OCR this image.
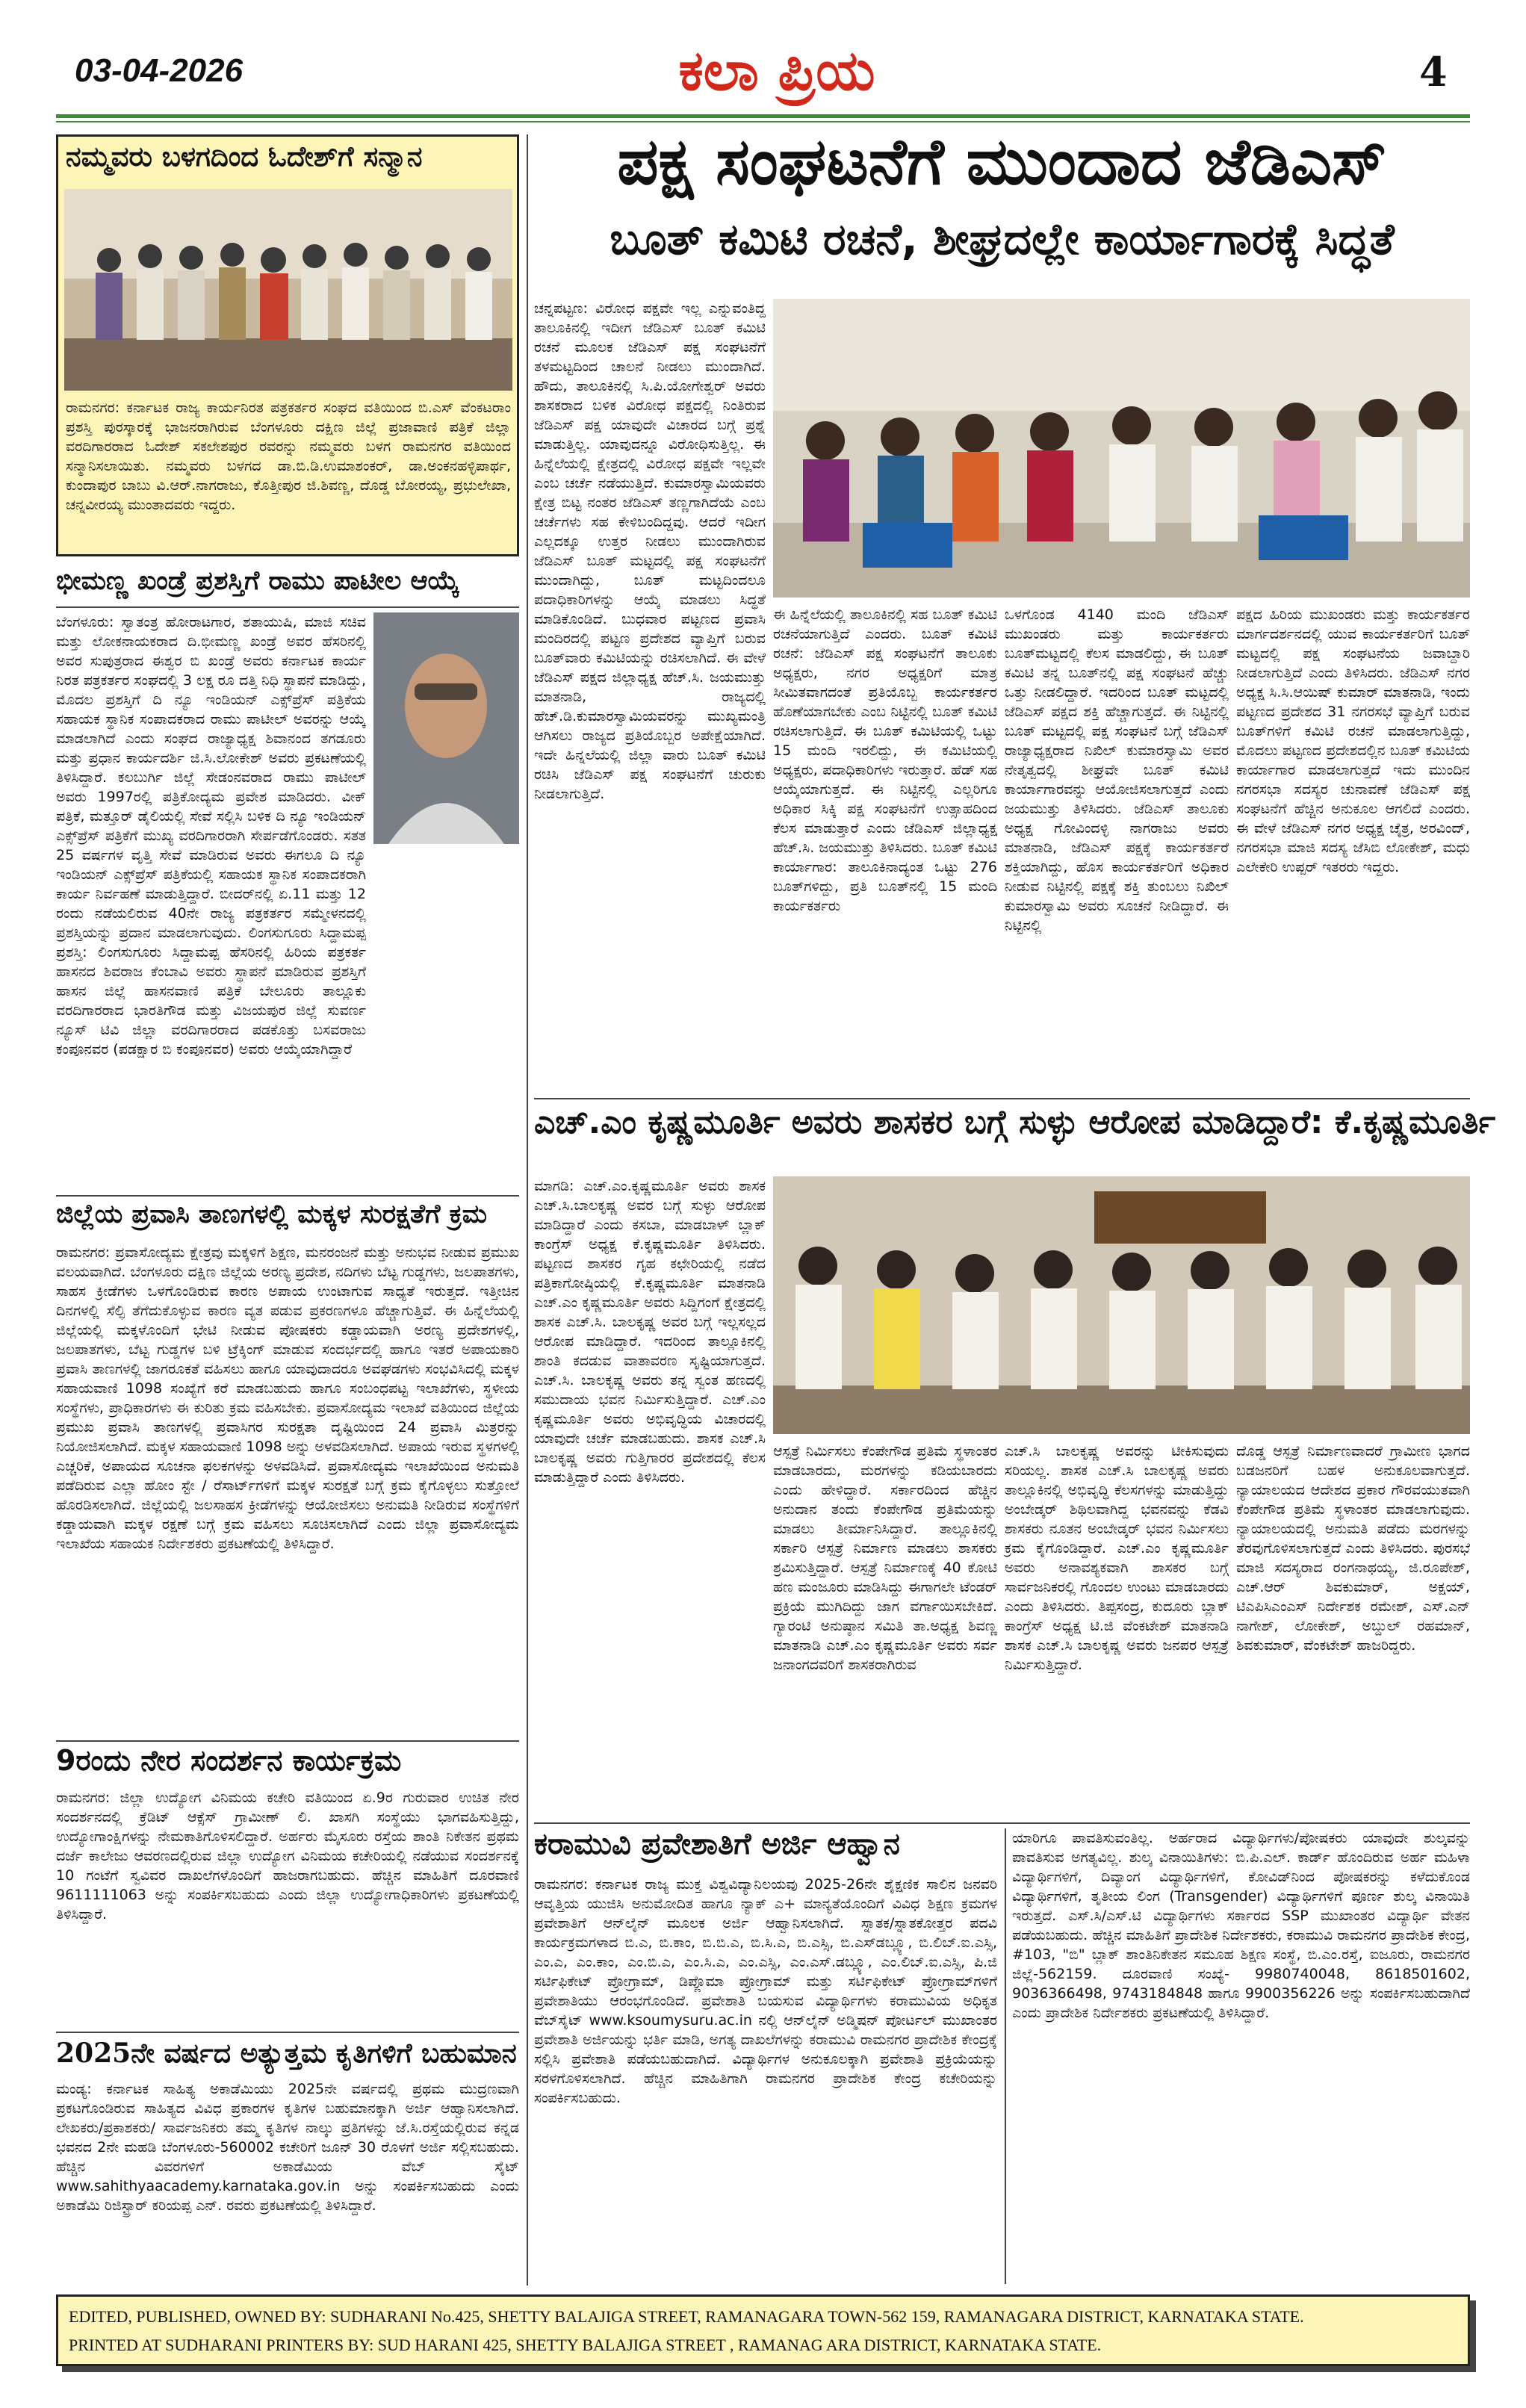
03-04-2026	ಕಲಾ ಪ್ರಿಯ	4
ನಮ್ಮವರು ಬಳಗದಿಂದ ಓದೇಶ್‌ಗೆ ಸನ್ಮಾನ
ರಾಮನಗರ: ಕರ್ನಾಟಕ ರಾಜ್ಯ ಕಾರ್ಯನಿರತ ಪತ್ರಕರ್ತರ ಸಂಘದ ವತಿಯಿಂದ ಬಿ.ಎಸ್ ವೆಂಕಟರಾಂ ಪ್ರಶಸ್ತಿ ಪುರಸ್ಕಾರಕ್ಕೆ ಭಾಜನರಾಗಿರುವ ಬೆಂಗಳೂರು ದಕ್ಷಿಣ ಜಿಲ್ಲೆ ಪ್ರಜಾವಾಣಿ ಪತ್ರಿಕೆ ಜಿಲ್ಲಾ ವರದಿಗಾರರಾದ ಓದೇಶ್ ಸಕಲೇಶಪುರ ರವರನ್ನು ನಮ್ಮವರು ಬಳಗ ರಾಮನಗರ ವತಿಯಿಂದ ಸನ್ಮಾನಿಸಲಾಯಿತು. ನಮ್ಮವರು ಬಳಗದ ಡಾ.ಬಿ.ಡಿ.ಉಮಾಶಂಕರ್, ಡಾ.ಅಂಕನಹಳ್ಳಿಪಾರ್ಥ, ಕುಂದಾಪುರ ಬಾಬು ವಿ.ಆರ್.ನಾಗರಾಜು, ಕೊತ್ತೀಪುರ ಜಿ.ಶಿವಣ್ಣ, ದೊಡ್ಡ ಬೋರಯ್ಯ, ಪ್ರಭುಲೇಖಾ, ಚನ್ನವೀರಯ್ಯ ಮುಂತಾದವರು ಇದ್ದರು.
ಭೀಮಣ್ಣ ಖಂಡ್ರೆ ಪ್ರಶಸ್ತಿಗೆ ರಾಮು ಪಾಟೀಲ ಆಯ್ಕೆ
ಬೆಂಗಳೂರು: ಸ್ವಾತಂತ್ರ ಹೋರಾಟಗಾರ, ಶತಾಯುಷಿ, ಮಾಜಿ ಸಚಿವ ಮತ್ತು ಲೋಕನಾಯಕರಾದ ದಿ.ಭೀಮಣ್ಣ ಖಂಡ್ರೆ ಅವರ ಹೆಸರಿನಲ್ಲಿ ಅವರ ಸುಪುತ್ರರಾದ ಈಶ್ವರ ಬಿ ಖಂಡ್ರೆ ಅವರು ಕರ್ನಾಟಕ ಕಾರ್ಯ ನಿರತ ಪತ್ರಕರ್ತರ ಸಂಘದಲ್ಲಿ 3 ಲಕ್ಷ ರೂ ದತ್ತಿ ನಿಧಿ ಸ್ಥಾಪನೆ ಮಾಡಿದ್ದು, ಮೊದಲ ಪ್ರಶಸ್ತಿಗೆ ದಿ ನ್ಯೂ ಇಂಡಿಯನ್ ಎಕ್ಸ್‌ಪ್ರೆಸ್ ಪತ್ರಿಕೆಯ ಸಹಾಯಕ ಸ್ಥಾನಿಕ ಸಂಪಾದಕರಾದ ರಾಮು ಪಾಟೀಲ್ ಅವರನ್ನು ಆಯ್ಕೆ ಮಾಡಲಾಗಿದೆ ಎಂದು ಸಂಘದ ರಾಜ್ಯಾಧ್ಯಕ್ಷ ಶಿವಾನಂದ ತಗಡೂರು ಮತ್ತು ಪ್ರಧಾನ ಕಾರ್ಯದರ್ಶಿ ಜಿ.ಸಿ.ಲೋಕೇಶ್ ಅವರು ಪ್ರಕಟಣೆಯಲ್ಲಿ ತಿಳಿಸಿದ್ದಾರೆ. ಕಲಬುರ್ಗಿ ಜಿಲ್ಲೆ ಸೇಡಂನವರಾದ ರಾಮು ಪಾಟೀಲ್ ಅವರು 1997ರಲ್ಲಿ ಪತ್ರಿಕೋದ್ಯಮ ಪ್ರವೇಶ ಮಾಡಿದರು. ವೀಕ್ ಪತ್ರಿಕೆ, ಮತ್ತೂರ್ ಡೈಲಿಯಲ್ಲಿ ಸೇವೆ ಸಲ್ಲಿಸಿ ಬಳಿಕ ದಿ ನ್ಯೂ ಇಂಡಿಯನ್ ಎಕ್ಸ್‌ಪ್ರೆಸ್ ಪತ್ರಿಕೆಗೆ ಮುಖ್ಯ ವರದಿಗಾರರಾಗಿ ಸೇರ್ಪಡೆಗೊಂಡರು. ಸತತ 25 ವರ್ಷಗಳ ವೃತ್ತಿ ಸೇವೆ ಮಾಡಿರುವ ಅವರು ಈಗಲೂ ದಿ ನ್ಯೂ ಇಂಡಿಯನ್ ಎಕ್ಸ್‌ಪ್ರೆಸ್ ಪತ್ರಿಕೆಯಲ್ಲಿ ಸಹಾಯಕ ಸ್ಥಾನಿಕ ಸಂಪಾದಕರಾಗಿ ಕಾರ್ಯ ನಿರ್ವಹಣೆ ಮಾಡುತ್ತಿದ್ದಾರೆ. ಬೀದರ್‌ನಲ್ಲಿ ಏ.11 ಮತ್ತು 12 ರಂದು ನಡೆಯಲಿರುವ 40ನೇ ರಾಜ್ಯ ಪತ್ರಕರ್ತರ ಸಮ್ಮೇಳನದಲ್ಲಿ ಪ್ರಶಸ್ತಿಯನ್ನು ಪ್ರದಾನ ಮಾಡಲಾಗುವುದು. ಲಿಂಗಸುಗೂರು ಸಿದ್ದಾಮಪ್ಪ ಪ್ರಶಸ್ತಿ: ಲಿಂಗಸುಗೂರು ಸಿದ್ದಾಮಪ್ಪ ಹೆಸರಿನಲ್ಲಿ ಹಿರಿಯ ಪತ್ರಕರ್ತ ಹಾಸನದ ಶಿವರಾಜ ಕೆಂಬಾವಿ ಅವರು ಸ್ಥಾಪನೆ ಮಾಡಿರುವ ಪ್ರಶಸ್ತಿಗೆ ಹಾಸನ ಜಿಲ್ಲೆ ಹಾಸನವಾಣಿ ಪತ್ರಿಕೆ ಬೇಲೂರು ತಾಲ್ಲೂಕು ವರದಿಗಾರರಾದ ಭಾರತಿಗೌಡ ಮತ್ತು ವಿಜಯಪುರ ಜಿಲ್ಲೆ ಸುವರ್ಣ ನ್ಯೂಸ್ ಟಿವಿ ಜಿಲ್ಲಾ ವರದಿಗಾರರಾದ ಪಡಕೊತ್ತು ಬಸವರಾಜು ಕಂಪೂನವರ (ಪಡಕ್ಷಾರ ಬಿ ಕಂಪೂನವರ) ಅವರು ಆಯ್ಕೆಯಾಗಿದ್ದಾರೆ
ಜಿಲ್ಲೆಯ ಪ್ರವಾಸಿ ತಾಣಗಳಲ್ಲಿ ಮಕ್ಕಳ ಸುರಕ್ಷತೆಗೆ ಕ್ರಮ
ರಾಮನಗರ: ಪ್ರವಾಸೋದ್ಯಮ ಕ್ಷೇತ್ರವು ಮಕ್ಕಳಿಗೆ ಶಿಕ್ಷಣ, ಮನರಂಜನೆ ಮತ್ತು ಅನುಭವ ನೀಡುವ ಪ್ರಮುಖ ವಲಯವಾಗಿದೆ. ಬೆಂಗಳೂರು ದಕ್ಷಿಣ ಜಿಲ್ಲೆಯ ಅರಣ್ಯ ಪ್ರದೇಶ, ನದಿಗಳು ಬೆಟ್ಟ ಗುಡ್ಡಗಳು, ಜಲಪಾತಗಳು, ಸಾಹಸ ಕ್ರೀಡೆಗಳು ಒಳಗೊಂಡಿರುವ ಕಾರಣ ಅಪಾಯ ಉಂಟಾಗುವ ಸಾಧ್ಯತೆ ಇರುತ್ತದೆ. ಇತ್ತೀಚಿನ ದಿನಗಳಲ್ಲಿ ಸೆಲ್ಫಿ ತೆಗೆದುಕೊಳ್ಳುವ ಕಾರಣ ವ್ಯತ ಪಡುವ ಪ್ರಕರಣಗಳೂ ಹೆಚ್ಚಾಗುತ್ತಿವೆ. ಈ ಹಿನ್ನೆಲೆಯಲ್ಲಿ ಜಿಲ್ಲೆಯಲ್ಲಿ ಮಕ್ಕಳೊಂದಿಗೆ ಭೇಟಿ ನೀಡುವ ಪೋಷಕರು ಕಡ್ಡಾಯವಾಗಿ ಅರಣ್ಯ ಪ್ರದೇಶಗಳಲ್ಲಿ, ಜಲಪಾತಗಳು, ಬೆಟ್ಟ ಗುಡ್ಡಗಳ ಬಳಿ ಟ್ರೆಕ್ಕಿಂಗ್ ಮಾಡುವ ಸಂದರ್ಭದಲ್ಲಿ ಹಾಗೂ ಇತರೆ ಅಪಾಯಕಾರಿ ಪ್ರವಾಸಿ ತಾಣಗಳಲ್ಲಿ ಜಾಗರೂಕತೆ ವಹಿಸಲು ಹಾಗೂ ಯಾವುದಾದರೂ ಅವಘಡಗಳು ಸಂಭವಿಸಿದಲ್ಲಿ ಮಕ್ಕಳ ಸಹಾಯವಾಣಿ 1098 ಸಂಖ್ಯೆಗೆ ಕರೆ ಮಾಡಬಹುದು ಹಾಗೂ ಸಂಬಂಧಪಟ್ಟ ಇಲಾಖೆಗಳು, ಸ್ಥಳೀಯ ಸಂಸ್ಥೆಗಳು, ಪ್ರಾಧಿಕಾರಗಳು ಈ ಕುರಿತು ಕ್ರಮ ವಹಿಸಬೇಕು. ಪ್ರವಾಸೋದ್ಯಮ ಇಲಾಖೆ ವತಿಯಿಂದ ಜಿಲ್ಲೆಯ ಪ್ರಮುಖ ಪ್ರವಾಸಿ ತಾಣಗಳಲ್ಲಿ ಪ್ರವಾಸಿಗರ ಸುರಕ್ಷತಾ ದೃಷ್ಟಿಯಿಂದ 24 ಪ್ರವಾಸಿ ಮಿತ್ರರನ್ನು ನಿಯೋಜಿಸಲಾಗಿದೆ. ಮಕ್ಕಳ ಸಹಾಯವಾಣಿ 1098 ಅನ್ನು ಅಳವಡಿಸಲಾಗಿದೆ. ಅಪಾಯ ಇರುವ ಸ್ಥಳಗಳಲ್ಲಿ ಎಚ್ಚರಿಕೆ, ಅಪಾಯದ ಸೂಚನಾ ಫಲಕಗಳನ್ನು ಅಳವಡಿಸಿದೆ. ಪ್ರವಾಸೋದ್ಯಮ ಇಲಾಖೆಯಿಂದ ಅನುಮತಿ ಪಡೆದಿರುವ ಎಲ್ಲಾ ಹೋಂ ಸ್ಟೇ / ರೆಸಾರ್ಟ್‌ಗಳಿಗೆ ಮಕ್ಕಳ ಸುರಕ್ಷತೆ ಬಗ್ಗೆ ಕ್ರಮ ಕೈಗೊಳ್ಳಲು ಸುತ್ತೋಲೆ ಹೊರಡಿಸಲಾಗಿದೆ. ಜಿಲ್ಲೆಯಲ್ಲಿ ಜಲಸಾಹಸ ಕ್ರೀಡೆಗಳನ್ನು ಆಯೋಜಿಸಲು ಅನುಮತಿ ನೀಡಿರುವ ಸಂಸ್ಥೆಗಳಿಗೆ ಕಡ್ಡಾಯವಾಗಿ ಮಕ್ಕಳ ರಕ್ಷಣೆ ಬಗ್ಗೆ ಕ್ರಮ ವಹಿಸಲು ಸೂಚಿಸಲಾಗಿದೆ ಎಂದು ಜಿಲ್ಲಾ ಪ್ರವಾಸೋದ್ಯಮ ಇಲಾಖೆಯ ಸಹಾಯಕ ನಿರ್ದೇಶಕರು ಪ್ರಕಟಣೆಯಲ್ಲಿ ತಿಳಿಸಿದ್ದಾರೆ.
9ರಂದು ನೇರ ಸಂದರ್ಶನ ಕಾರ್ಯಕ್ರಮ
ರಾಮನಗರ: ಜಿಲ್ಲಾ ಉದ್ಯೋಗ ವಿನಿಮಯ ಕಚೇರಿ ವತಿಯಿಂದ ಏ.9ರ ಗುರುವಾರ ಉಚಿತ ನೇರ ಸಂದರ್ಶನದಲ್ಲಿ ಕ್ರೆಡಿಟ್ ಆಕ್ಸೆಸ್ ಗ್ರಾಮೀಣ್ ಲಿ. ಖಾಸಗಿ ಸಂಸ್ಥೆಯು ಭಾಗವಹಿಸುತ್ತಿದ್ದು, ಉದ್ಯೋಗಾಂಕ್ಷಿಗಳನ್ನು ನೇಮಕಾತಿಗೊಳಿಸಲಿದ್ದಾರೆ. ಅರ್ಹರು ಮೈಸೂರು ರಸ್ತೆಯ ಶಾಂತಿ ನಿಕೇತನ ಪ್ರಥಮ ದರ್ಜೆ ಕಾಲೇಜು ಆವರಣದಲ್ಲಿರುವ ಜಿಲ್ಲಾ ಉದ್ಯೋಗ ವಿನಿಮಯ ಕಚೇರಿಯಲ್ಲಿ ನಡೆಯುವ ಸಂದರ್ಶನಕ್ಕೆ 10 ಗಂಟೆಗೆ ಸ್ವವಿವರ ದಾಖಲೆಗಳೊಂದಿಗೆ ಹಾಜರಾಗಬಹುದು. ಹೆಚ್ಚಿನ ಮಾಹಿತಿಗೆ ದೂರವಾಣಿ 9611111063 ಅನ್ನು ಸಂಪರ್ಕಿಸಬಹುದು ಎಂದು ಜಿಲ್ಲಾ ಉದ್ಯೋಗಾಧಿಕಾರಿಗಳು ಪ್ರಕಟಣೆಯಲ್ಲಿ ತಿಳಿಸಿದ್ದಾರೆ.
2025ನೇ ವರ್ಷದ ಅತ್ಯುತ್ತಮ ಕೃತಿಗಳಿಗೆ ಬಹುಮಾನ
ಮಂಡ್ಯ: ಕರ್ನಾಟಕ ಸಾಹಿತ್ಯ ಅಕಾಡೆಮಿಯು 2025ನೇ ವರ್ಷದಲ್ಲಿ ಪ್ರಥಮ ಮುದ್ರಣವಾಗಿ ಪ್ರಕಟಗೊಂಡಿರುವ ಸಾಹಿತ್ಯದ ವಿವಿಧ ಪ್ರಕಾರಗಳ ಕೃತಿಗಳ ಬಹುಮಾನಕ್ಕಾಗಿ ಅರ್ಜಿ ಆಹ್ವಾನಿಸಲಾಗಿದೆ. ಲೇಖಕರು/ಪ್ರಕಾಶಕರು/ ಸಾರ್ವಜನಿಕರು ತಮ್ಮ ಕೃತಿಗಳ ನಾಲ್ಕು ಪ್ರತಿಗಳನ್ನು ಜೆ.ಸಿ.ರಸ್ತೆಯಲ್ಲಿರುವ ಕನ್ನಡ ಭವನದ 2ನೇ ಮಹಡಿ ಬೆಂಗಳೂರು-560002 ಕಚೇರಿಗೆ ಜೂನ್ 30 ರೊಳಗೆ ಅರ್ಜಿ ಸಲ್ಲಿಸಬಹುದು. ಹೆಚ್ಚಿನ ವಿವರಗಳಿಗೆ ಅಕಾಡೆಮಿಯ ವೆಬ್ ಸೈಟ್ www.sahithyaacademy.karnataka.gov.in ಅನ್ನು ಸಂಪರ್ಕಿಸಬಹುದು ಎಂದು ಅಕಾಡೆಮಿ ರಿಜಿಸ್ಟ್ರಾರ್ ಕರಿಯಪ್ಪ ಎನ್. ರವರು ಪ್ರಕಟಣೆಯಲ್ಲಿ ತಿಳಿಸಿದ್ದಾರೆ.
ಪಕ್ಷ ಸಂಘಟನೆಗೆ ಮುಂದಾದ ಜೆಡಿಎಸ್
ಬೂತ್ ಕಮಿಟಿ ರಚನೆ, ಶೀಘ್ರದಲ್ಲೇ ಕಾರ್ಯಾಗಾರಕ್ಕೆ ಸಿದ್ಧತೆ
ಚನ್ನಪಟ್ಟಣ: ವಿರೋಧ ಪಕ್ಷವೇ ಇಲ್ಲ ಎನ್ನುವಂತಿದ್ದ ತಾಲೂಕಿನಲ್ಲಿ ಇದೀಗ ಜೆಡಿಎಸ್ ಬೂತ್ ಕಮಿಟಿ ರಚನೆ ಮೂಲಕ ಜೆಡಿಎಸ್ ಪಕ್ಷ ಸಂಘಟನೆಗೆ ತಳಮಟ್ಟದಿಂದ ಚಾಲನೆ ನೀಡಲು ಮುಂದಾಗಿದೆ. ಹೌದು, ತಾಲೂಕಿನಲ್ಲಿ ಸಿ.ಪಿ.ಯೋಗೇಶ್ವರ್ ಅವರು ಶಾಸಕರಾದ ಬಳಿಕ ವಿರೋಧ ಪಕ್ಷದಲ್ಲಿ ನಿಂತಿರುವ ಜೆಡಿಎಸ್ ಪಕ್ಷ ಯಾವುದೇ ವಿಚಾರದ ಬಗ್ಗೆ ಪ್ರಶ್ನೆ ಮಾಡುತ್ತಿಲ್ಲ. ಯಾವುದನ್ನೂ ವಿರೋಧಿಸುತ್ತಿಲ್ಲ. ಈ ಹಿನ್ನೆಲೆಯಲ್ಲಿ ಕ್ಷೇತ್ರದಲ್ಲಿ ವಿರೋಧ ಪಕ್ಷವೇ ಇಲ್ಲವೇ ಎಂಬ ಚರ್ಚೆ ನಡೆಯುತ್ತಿದೆ. ಕುಮಾರಸ್ವಾಮಿಯವರು ಕ್ಷೇತ್ರ ಬಿಟ್ಟ ನಂತರ ಜೆಡಿಎಸ್ ತಣ್ಣಗಾಗಿದೆಯೆ ಎಂಬ ಚರ್ಚೆಗಳು ಸಹ ಕೇಳಿಬಂದಿದ್ದವು. ಆದರೆ ಇದೀಗ ಎಲ್ಲದಕ್ಕೂ ಉತ್ತರ ನೀಡಲು ಮುಂದಾಗಿರುವ ಜೆಡಿಎಸ್ ಬೂತ್ ಮಟ್ಟದಲ್ಲಿ ಪಕ್ಷ ಸಂಘಟನೆಗೆ ಮುಂದಾಗಿದ್ದು, ಬೂತ್ ಮಟ್ಟದಿಂದಲೂ ಪದಾಧಿಕಾರಿಗಳನ್ನು ಆಯ್ಕೆ ಮಾಡಲು ಸಿದ್ಧತೆ ಮಾಡಿಕೊಂಡಿದೆ. ಬುಧವಾರ ಪಟ್ಟಣದ ಪ್ರವಾಸಿ ಮಂದಿರದಲ್ಲಿ ಪಟ್ಟಣ ಪ್ರದೇಶದ ವ್ಯಾಪ್ತಿಗೆ ಬರುವ ಬೂತ್‌ವಾರು ಕಮಿಟಿಯನ್ನು ರಚಿಸಲಾಗಿದೆ. ಈ ವೇಳೆ ಜೆಡಿಎಸ್ ಪಕ್ಷದ ಜಿಲ್ಲಾಧ್ಯಕ್ಷ ಹೆಚ್.ಸಿ. ಜಯಮುತ್ತು ಮಾತನಾಡಿ, ರಾಜ್ಯದಲ್ಲಿ ಹೆಚ್.ಡಿ.ಕುಮಾರಸ್ವಾಮಿಯವರನ್ನು ಮುಖ್ಯಮಂತ್ರಿ ಆಗಿಸಲು ರಾಜ್ಯದ ಪ್ರತಿಯೊಬ್ಬರ ಅಪೇಕ್ಷೆಯಾಗಿದೆ. ಇದೇ ಹಿನ್ನಲೆಯಲ್ಲಿ ಜಿಲ್ಲಾ ವಾರು ಬೂತ್ ಕಮಿಟಿ ರಚಿಸಿ ಜೆಡಿಎಸ್ ಪಕ್ಷ ಸಂಘಟನೆಗೆ ಚುರುಕು ನೀಡಲಾಗುತ್ತಿದೆ.
ಈ ಹಿನ್ನೆಲೆಯಲ್ಲಿ ತಾಲೂಕಿನಲ್ಲಿ ಸಹ ಬೂತ್ ಕಮಿಟಿ ರಚನೆಯಾಗುತ್ತಿದೆ ಎಂದರು. ಬೂತ್ ಕಮಿಟಿ ರಚನೆ: ಜೆಡಿಎಸ್ ಪಕ್ಷ ಸಂಘಟನೆಗೆ ತಾಲೂಕು ಅಧ್ಯಕ್ಷರು, ನಗರ ಅಧ್ಯಕ್ಷರಿಗೆ ಮಾತ್ರ ಸೀಮಿತವಾಗದಂತೆ ಪ್ರತಿಯೊಬ್ಬ ಕಾರ್ಯಕರ್ತರ ಹೊಣೆಯಾಗಬೇಕು ಎಂಬ ನಿಟ್ಟಿನಲ್ಲಿ ಬೂತ್ ಕಮಿಟಿ ರಚಿಸಲಾಗುತ್ತಿದೆ. ಈ ಬೂತ್ ಕಮಿಟಿಯಲ್ಲಿ ಒಟ್ಟು 15 ಮಂದಿ ಇರಲಿದ್ದು, ಈ ಕಮಿಟಿಯಲ್ಲಿ ಅಧ್ಯಕ್ಷರು, ಪದಾಧಿಕಾರಿಗಳು ಇರುತ್ತಾರೆ. ಹೆಡ್ ಸಹ ಆಯ್ಕೆಯಾಗುತ್ತದೆ. ಈ ನಿಟ್ಟಿನಲ್ಲಿ ಎಲ್ಲರಿಗೂ ಅಧಿಕಾರ ಸಿಕ್ಕಿ ಪಕ್ಷ ಸಂಘಟನೆಗೆ ಉತ್ಸಾಹದಿಂದ ಕೆಲಸ ಮಾಡುತ್ತಾರೆ ಎಂದು ಜೆಡಿಎಸ್ ಜಿಲ್ಲಾಧ್ಯಕ್ಷ ಹೆಚ್.ಸಿ. ಜಯಮುತ್ತು ತಿಳಿಸಿದರು. ಬೂತ್ ಕಮಿಟಿ ಕಾರ್ಯಾಗಾರ: ತಾಲೂಕಿನಾದ್ಯಂತ ಒಟ್ಟು 276 ಬೂತ್‌ಗಳಿದ್ದು, ಪ್ರತಿ ಬೂತ್‌ನಲ್ಲಿ 15 ಮಂದಿ ಕಾರ್ಯಕರ್ತರು
ಒಳಗೊಂಡ 4140 ಮಂದಿ ಜೆಡಿಎಸ್ ಮುಖಂಡರು ಮತ್ತು ಕಾರ್ಯಕರ್ತರು ಬೂತ್‌ಮಟ್ಟದಲ್ಲಿ ಕೆಲಸ ಮಾಡಲಿದ್ದು, ಈ ಬೂತ್ ಕಮಿಟಿ ತನ್ನ ಬೂತ್‌ನಲ್ಲಿ ಪಕ್ಷ ಸಂಘಟನೆ ಹೆಚ್ಚು ಒತ್ತು ನೀಡಲಿದ್ದಾರೆ. ಇದರಿಂದ ಬೂತ್ ಮಟ್ಟದಲ್ಲಿ ಜೆಡಿಎಸ್ ಪಕ್ಷದ ಶಕ್ತಿ ಹೆಚ್ಚಾಗುತ್ತದೆ. ಈ ನಿಟ್ಟಿನಲ್ಲಿ ಬೂತ್ ಮಟ್ಟದಲ್ಲಿ ಪಕ್ಷ ಸಂಘಟನೆ ಬಗ್ಗೆ ಜೆಡಿಎಸ್ ರಾಜ್ಯಾಧ್ಯಕ್ಷರಾದ ನಿಖಿಲ್ ಕುಮಾರಸ್ವಾಮಿ ಅವರ ನೇತೃತ್ವದಲ್ಲಿ ಶೀಘ್ರವೇ ಬೂತ್ ಕಮಿಟಿ ಕಾರ್ಯಾಗಾರವನ್ನು ಆಯೋಜಿಸಲಾಗುತ್ತದೆ ಎಂದು ಜಯಮುತ್ತು ತಿಳಿಸಿದರು. ಜೆಡಿಎಸ್ ತಾಲೂಕು ಅಧ್ಯಕ್ಷ ಗೋವಿಂದಳ್ಳಿ ನಾಗರಾಜು ಅವರು ಮಾತನಾಡಿ, ಜೆಡಿಎಸ್ ಪಕ್ಷಕ್ಕೆ ಕಾರ್ಯಕರ್ತರೆ ಶಕ್ತಿಯಾಗಿದ್ದು, ಹೊಸ ಕಾರ್ಯಕರ್ತರಿಗೆ ಅಧಿಕಾರ ನೀಡುವ ನಿಟ್ಟಿನಲ್ಲಿ ಪಕ್ಷಕ್ಕೆ ಶಕ್ತಿ ತುಂಬಲು ನಿಖಿಲ್ ಕುಮಾರಸ್ವಾಮಿ ಅವರು ಸೂಚನೆ ನೀಡಿದ್ದಾರೆ. ಈ ನಿಟ್ಟಿನಲ್ಲಿ
ಪಕ್ಷದ ಹಿರಿಯ ಮುಖಂಡರು ಮತ್ತು ಕಾರ್ಯಕರ್ತರ ಮಾರ್ಗದರ್ಶನದಲ್ಲಿ ಯುವ ಕಾರ್ಯಕರ್ತರಿಗೆ ಬೂತ್ ಮಟ್ಟದಲ್ಲಿ ಪಕ್ಷ ಸಂಘಟನೆಯ ಜವಾಬ್ದಾರಿ ನೀಡಲಾಗುತ್ತಿದೆ ಎಂದು ತಿಳಿಸಿದರು. ಜೆಡಿಎಸ್ ನಗರ ಅಧ್ಯಕ್ಷ ಸಿ.ಸಿ.ಆಯಿಷ್ ಕುಮಾರ್ ಮಾತನಾಡಿ, ಇಂದು ಪಟ್ಟಣದ ಪ್ರದೇಶದ 31 ನಗರಸಭೆ ವ್ಯಾಪ್ತಿಗೆ ಬರುವ ಬೂತ್‌ಗಳಿಗೆ ಕಮಿಟಿ ರಚನೆ ಮಾಡಲಾಗುತ್ತಿದ್ದು, ಮೊದಲು ಪಟ್ಟಣದ ಪ್ರದೇಶದಲ್ಲಿನ ಬೂತ್ ಕಮಿಟಿಯ ಕಾರ್ಯಾಗಾರ ಮಾಡಲಾಗುತ್ತದೆ ಇದು ಮುಂದಿನ ನಗರಸಭಾ ಸದಸ್ಯರ ಚುನಾವಣೆ ಜೆಡಿಎಸ್ ಪಕ್ಷ ಸಂಘಟನೆಗೆ ಹೆಚ್ಚಿನ ಅನುಕೂಲ ಆಗಲಿದೆ ಎಂದರು. ಈ ವೇಳೆ ಜೆಡಿಎಸ್ ನಗರ ಅಧ್ಯಕ್ಷ ಚೈತ್ರ, ಅರವಿಂದ್, ನಗರಸಭಾ ಮಾಜಿ ಸದಸ್ಯ ಜೆಸಿಬಿ ಲೋಕೇಶ್, ಮಧು ಎಲೇಕೇರಿ ಉಪ್ಪರ್ ಇತರರು ಇದ್ದರು.
ಎಚ್.ಎಂ ಕೃಷ್ಣಮೂರ್ತಿ ಅವರು ಶಾಸಕರ ಬಗ್ಗೆ ಸುಳ್ಳು ಆರೋಪ ಮಾಡಿದ್ದಾರೆ: ಕೆ.ಕೃಷ್ಣಮೂರ್ತಿ
ಮಾಗಡಿ: ಎಚ್.ಎಂ.ಕೃಷ್ಣಮೂರ್ತಿ ಅವರು ಶಾಸಕ ಎಚ್.ಸಿ.ಬಾಲಕೃಷ್ಣ ಅವರ ಬಗ್ಗೆ ಸುಳ್ಳು ಆರೋಪ ಮಾಡಿದ್ದಾರೆ ಎಂದು ಕಸಬಾ, ಮಾಡಬಾಳ್ ಬ್ಲಾಕ್ ಕಾಂಗ್ರೆಸ್ ಅಧ್ಯಕ್ಷ ಕೆ.ಕೃಷ್ಣಮೂರ್ತಿ ತಿಳಿಸಿದರು. ಪಟ್ಟಣದ ಶಾಸಕರ ಗೃಹ ಕಛೇರಿಯಲ್ಲಿ ನಡೆದ ಪತ್ರಿಕಾಗೋಷ್ಠಿಯಲ್ಲಿ ಕೆ.ಕೃಷ್ಣಮೂರ್ತಿ ಮಾತನಾಡಿ ಎಚ್.ಎಂ ಕೃಷ್ಣಮೂರ್ತಿ ಅವರು ಸಿದ್ದಿಗಂಗೆ ಕ್ಷೇತ್ರದಲ್ಲಿ ಶಾಸಕ ಎಚ್.ಸಿ. ಬಾಲಕೃಷ್ಣ ಅವರ ಬಗ್ಗೆ ಇಲ್ಲಸಲ್ಲದ ಆರೋಪ ಮಾಡಿದ್ದಾರೆ. ಇದರಿಂದ ತಾಲ್ಲೂಕಿನಲ್ಲಿ ಶಾಂತಿ ಕದಡುವ ವಾತಾವರಣ ಸೃಷ್ಟಿಯಾಗುತ್ತದೆ. ಎಚ್.ಸಿ. ಬಾಲಕೃಷ್ಣ ಅವರು ತನ್ನ ಸ್ವಂತ ಹಣದಲ್ಲಿ ಸಮುದಾಯ ಭವನ ನಿರ್ಮಿಸುತ್ತಿದ್ದಾರೆ. ಎಚ್.ಎಂ ಕೃಷ್ಣಮೂರ್ತಿ ಅವರು ಅಭಿವೃದ್ಧಿಯ ವಿಚಾರದಲ್ಲಿ ಯಾವುದೇ ಚರ್ಚೆ ಮಾಡಬಹುದು. ಶಾಸಕ ಎಚ್.ಸಿ ಬಾಲಕೃಷ್ಣ ಅವರು ಗುತ್ತಿಗಾರರ ಪ್ರದೇಶದಲ್ಲಿ ಕೆಲಸ ಮಾಡುತ್ತಿದ್ದಾರೆ ಎಂದು ತಿಳಿಸಿದರು.
ಆಸ್ಪತ್ರೆ ನಿರ್ಮಿಸಲು ಕೆಂಪೇಗೌಡ ಪ್ರತಿಮೆ ಸ್ಥಳಾಂತರ ಮಾಡಬಾರದು, ಮರಗಳನ್ನು ಕಡಿಯಬಾರದು ಎಂದು ಹೇಳಿದ್ದಾರೆ. ಸರ್ಕಾರದಿಂದ ಹೆಚ್ಚಿನ ಅನುದಾನ ತಂದು ಕೆಂಪೇಗೌಡ ಪ್ರತಿಮೆಯನ್ನು ಮಾಡಲು ತೀರ್ಮಾನಿಸಿದ್ದಾರೆ. ತಾಲ್ಲೂಕಿನಲ್ಲಿ ಸರ್ಕಾರಿ ಆಸ್ಪತ್ರೆ ನಿರ್ಮಾಣ ಮಾಡಲು ಶಾಸಕರು ಶ್ರಮಿಸುತ್ತಿದ್ದಾರೆ. ಆಸ್ಪತ್ರೆ ನಿರ್ಮಾಣಕ್ಕೆ 40 ಕೋಟಿ ಹಣ ಮಂಜೂರು ಮಾಡಿಸಿದ್ದು ಈಗಾಗಲೇ ಟೆಂಡರ್ ಪ್ರಕ್ರಿಯೆ ಮುಗಿದಿದ್ದು ಜಾಗ ವರ್ಗಾಯಿಸಬೇಕಿದೆ. ಗ್ಯಾರಂಟಿ ಅನುಷ್ಠಾನ ಸಮಿತಿ ತಾ.ಅಧ್ಯಕ್ಷ ಶಿವಣ್ಣ ಮಾತನಾಡಿ ಎಚ್.ಎಂ ಕೃಷ್ಣಮೂರ್ತಿ ಅವರು ಸರ್ವ ಜನಾಂಗದವರಿಗೆ ಶಾಸಕರಾಗಿರುವ
ಎಚ್.ಸಿ ಬಾಲಕೃಷ್ಣ ಅವರನ್ನು ಟೀಕಿಸುವುದು ಸರಿಯಲ್ಲ. ಶಾಸಕ ಎಚ್.ಸಿ ಬಾಲಕೃಷ್ಣ ಅವರು ತಾಲ್ಲೂಕಿನಲ್ಲಿ ಅಭಿವೃದ್ಧಿ ಕೆಲಸಗಳನ್ನು ಮಾಡುತ್ತಿದ್ದು ಅಂಬೇಡ್ಕರ್ ಶಿಥಿಲವಾಗಿದ್ದ ಭವನವನ್ನು ಕೆಡವಿ ಶಾಸಕರು ನೂತನ ಅಂಬೇಡ್ಕರ್ ಭವನ ನಿರ್ಮಿಸಲು ಕ್ರಮ ಕೈಗೊಂಡಿದ್ದಾರೆ. ಎಚ್.ಎಂ ಕೃಷ್ಣಮೂರ್ತಿ ಅವರು ಅನಾವಶ್ಯಕವಾಗಿ ಶಾಸಕರ ಬಗ್ಗೆ ಸಾರ್ವಜನಿಕರಲ್ಲಿ ಗೊಂದಲ ಉಂಟು ಮಾಡಬಾರದು ಎಂದು ತಿಳಿಸಿದರು. ತಿಪ್ಪಸಂದ್ರ, ಕುದೂರು ಬ್ಲಾಕ್ ಕಾಂಗ್ರೆಸ್ ಅಧ್ಯಕ್ಷ ಟಿ.ಜಿ ವೆಂಕಟೇಶ್ ಮಾತನಾಡಿ ಶಾಸಕ ಎಚ್.ಸಿ ಬಾಲಕೃಷ್ಣ ಅವರು ಜನಪರ ಆಸ್ಪತ್ರೆ ನಿರ್ಮಿಸುತ್ತಿದ್ದಾರೆ.
ದೊಡ್ಡ ಆಸ್ಪತ್ರೆ ನಿರ್ಮಾಣವಾದರೆ ಗ್ರಾಮೀಣ ಭಾಗದ ಬಡಜನರಿಗೆ ಬಹಳ ಅನುಕೂಲವಾಗುತ್ತದೆ. ನ್ಯಾಯಾಲಯದ ಆದೇಶದ ಪ್ರಕಾರ ಗೌರವಯುತವಾಗಿ ಕೆಂಪೇಗೌಡ ಪ್ರತಿಮೆ ಸ್ಥಳಾಂತರ ಮಾಡಲಾಗುವುದು. ನ್ಯಾಯಾಲಯದಲ್ಲಿ ಅನುಮತಿ ಪಡೆದು ಮರಗಳನ್ನು ತೆರವುಗೊಳಿಸಲಾಗುತ್ತದೆ ಎಂದು ತಿಳಿಸಿದರು. ಪುರಸಭೆ ಮಾಜಿ ಸದಸ್ಯರಾದ ರಂಗನಾಥಯ್ಯ, ಜಿ.ರೂಪೇಶ್, ಎಚ್.ಆರ್ ಶಿವಕುಮಾರ್, ಅಕ್ಷಯ್, ಟಿಎಪಿಸಿಎಂಎಸ್ ನಿರ್ದೇಶಕ ರಮೇಶ್, ಎಸ್.ಎನ್ ನಾಗೇಶ್, ಲೋಕೇಶ್, ಅಬ್ದುಲ್ ರಹಮಾನ್, ಶಿವಕುಮಾರ್, ವೆಂಕಟೇಶ್ ಹಾಜರಿದ್ದರು.
ಕರಾಮುವಿ ಪ್ರವೇಶಾತಿಗೆ ಅರ್ಜಿ ಆಹ್ವಾನ
ರಾಮನಗರ: ಕರ್ನಾಟಕ ರಾಜ್ಯ ಮುಕ್ತ ವಿಶ್ವವಿದ್ಯಾನಿಲಯವು 2025-26ನೇ ಶೈಕ್ಷಣಿಕ ಸಾಲಿನ ಜನವರಿ ಆವೃತ್ತಿಯ ಯುಜಿಸಿ ಅನುಮೋದಿತ ಹಾಗೂ ನ್ಯಾಕ್ ಎ+ ಮಾನ್ಯತೆಯೊಂದಿಗೆ ವಿವಿಧ ಶಿಕ್ಷಣ ಕ್ರಮಗಳ ಪ್ರವೇಶಾತಿಗೆ ಆನ್‌ಲೈನ್ ಮೂಲಕ ಅರ್ಜಿ ಆಹ್ವಾನಿಸಲಾಗಿದೆ. ಸ್ನಾತಕ/ಸ್ನಾತಕೋತ್ತರ ಪದವಿ ಕಾರ್ಯಕ್ರಮಗಳಾದ ಬಿ.ಎ, ಬಿ.ಕಾಂ, ಬಿ.ಬಿ.ಎ, ಬಿ.ಸಿ.ಎ, ಬಿ.ಎಸ್ಸಿ, ಬಿ.ಎಸ್‌ಡಬ್ಲ್ಯೂ, ಬಿ.ಲಿಬ್.ಐ.ಎಸ್ಸಿ, ಎಂ.ಎ, ಎಂ.ಕಾಂ, ಎಂ.ಬಿ.ಎ, ಎಂ.ಸಿ.ಎ, ಎಂ.ಎಸ್ಸಿ, ಎಂ.ಎಸ್.ಡಬ್ಲ್ಯೂ, ಎಂ.ಲಿಬ್.ಐ.ಎಸ್ಸಿ, ಪಿ.ಜಿ ಸರ್ಟಿಫಿಕೇಟ್ ಪ್ರೋಗ್ರಾಮ್, ಡಿಪ್ಲೊಮಾ ಪ್ರೋಗ್ರಾಮ್ ಮತ್ತು ಸರ್ಟಿಫಿಕೇಟ್ ಪ್ರೋಗ್ರಾಮ್‌ಗಳಿಗೆ ಪ್ರವೇಶಾತಿಯು ಆರಂಭಗೊಂಡಿದೆ. ಪ್ರವೇಶಾತಿ ಬಯಸುವ ವಿದ್ಯಾರ್ಥಿಗಳು ಕರಾಮುವಿಯ ಅಧಿಕೃತ ವೆಬ್‌ಸೈಟ್ www.ksoumysuru.ac.in ನಲ್ಲಿ ಆನ್‌ಲೈನ್ ಅಡ್ಮಿಷನ್ ಪೋರ್ಟಲ್ ಮುಖಾಂತರ ಪ್ರವೇಶಾತಿ ಅರ್ಜಿಯನ್ನು ಭರ್ತಿ ಮಾಡಿ, ಅಗತ್ಯ ದಾಖಲೆಗಳನ್ನು ಕರಾಮುವಿ ರಾಮನಗರ ಪ್ರಾದೇಶಿಕ ಕೇಂದ್ರಕ್ಕೆ ಸಲ್ಲಿಸಿ ಪ್ರವೇಶಾತಿ ಪಡೆಯಬಹುದಾಗಿದೆ. ವಿದ್ಯಾರ್ಥಿಗಳ ಅನುಕೂಲಕ್ಕಾಗಿ ಪ್ರವೇಶಾತಿ ಪ್ರಕ್ರಿಯೆಯನ್ನು ಸರಳಗೊಳಿಸಲಾಗಿದೆ. ಹೆಚ್ಚಿನ ಮಾಹಿತಿಗಾಗಿ ರಾಮನಗರ ಪ್ರಾದೇಶಿಕ ಕೇಂದ್ರ ಕಚೇರಿಯನ್ನು ಸಂಪರ್ಕಿಸಬಹುದು.
ಯಾರಿಗೂ ಪಾವತಿಸುವಂತಿಲ್ಲ. ಅರ್ಹರಾದ ವಿದ್ಯಾರ್ಥಿಗಳು/ಪೋಷಕರು ಯಾವುದೇ ಶುಲ್ಕವನ್ನು ಪಾವತಿಸುವ ಅಗತ್ಯವಿಲ್ಲ. ಶುಲ್ಕ ವಿನಾಯಿತಿಗಳು: ಬಿ.ಪಿ.ಎಲ್. ಕಾರ್ಡ್ ಹೊಂದಿರುವ ಅರ್ಹ ಮಹಿಳಾ ವಿದ್ಯಾರ್ಥಿಗಳಿಗೆ, ದಿವ್ಯಾಂಗ ವಿದ್ಯಾರ್ಥಿಗಳಿಗೆ, ಕೋವಿಡ್‌ನಿಂದ ಪೋಷಕರನ್ನು ಕಳೆದುಕೊಂಡ ವಿದ್ಯಾರ್ಥಿಗಳಿಗೆ, ತೃತೀಯ ಲಿಂಗ (Transgender) ವಿದ್ಯಾರ್ಥಿಗಳಿಗೆ ಪೂರ್ಣ ಶುಲ್ಕ ವಿನಾಯಿತಿ ಇರುತ್ತದೆ. ಎಸ್.ಸಿ/ಎಸ್.ಟಿ ವಿದ್ಯಾರ್ಥಿಗಳು ಸರ್ಕಾರದ SSP ಮುಖಾಂತರ ವಿದ್ಯಾರ್ಥಿ ವೇತನ ಪಡೆಯಬಹುದು. ಹೆಚ್ಚಿನ ಮಾಹಿತಿಗೆ ಪ್ರಾದೇಶಿಕ ನಿರ್ದೇಶಕರು, ಕರಾಮುವಿ ರಾಮನಗರ ಪ್ರಾದೇಶಿಕ ಕೇಂದ್ರ, #103, "ಬಿ" ಬ್ಲಾಕ್ ಶಾಂತಿನಿಕೇತನ ಸಮೂಹ ಶಿಕ್ಷಣ ಸಂಸ್ಥೆ, ಬಿ.ಎಂ.ರಸ್ತೆ, ಐಜೂರು, ರಾಮನಗರ ಜಿಲ್ಲೆ-562159. ದೂರವಾಣಿ ಸಂಖ್ಯೆ- 9980740048, 8618501602, 9036366498, 9743184848 ಹಾಗೂ 9900356226 ಅನ್ನು ಸಂಪರ್ಕಿಸಬಹುದಾಗಿದೆ ಎಂದು ಪ್ರಾದೇಶಿಕ ನಿರ್ದೇಶಕರು ಪ್ರಕಟಣೆಯಲ್ಲಿ ತಿಳಿಸಿದ್ದಾರೆ.
EDITED, PUBLISHED, OWNED BY: SUDHARANI No.425, SHETTY BALAJIGA STREET, RAMANAGARA TOWN-562 159, RAMANAGARA DISTRICT, KARNATAKA STATE.
PRINTED AT SUDHARANI PRINTERS BY: SUD HARANI 425, SHETTY BALAJIGA STREET , RAMANAG ARA DISTRICT, KARNATAKA STATE.
